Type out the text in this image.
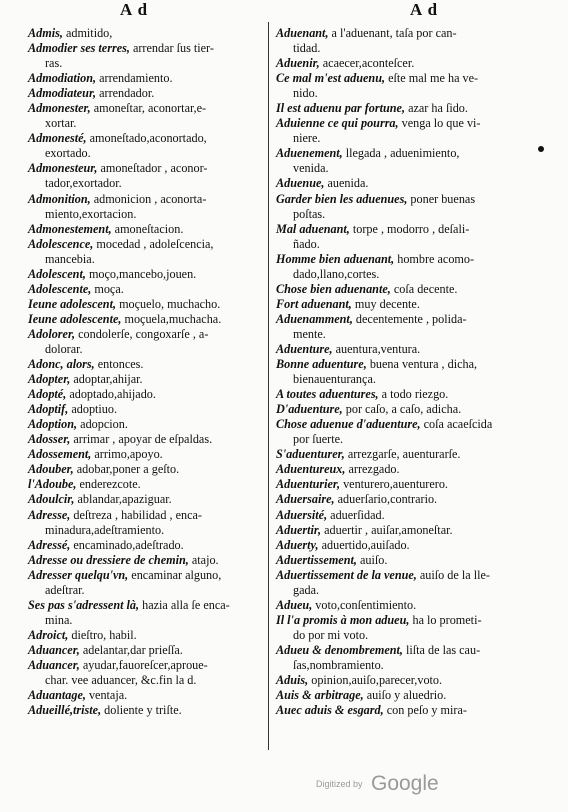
A d	A d
Admis, admitido,
Admodier ses terres, arrendar ſus tier-
ras.
Admodiation, arrendamiento.
Admodiateur, arrendador.
Admonester, amoneſtar, aconortar,e-
xortar.
Admonesté, amoneſtado,aconortado,
exortado.
Admonesteur, amoneſtador , aconor-
tador,exortador.
Admonition, admonicion , aconorta-
miento,exortacion.
Admonestement, amoneſtacion.
Adolescence, mocedad , adoleſcencia,
mancebia.
Adolescent, moço,mancebo,jouen.
Adolescente, moça.
Ieune adolescent, moçuelo, muchacho.
Ieune adolescente, moçuela,muchacha.
Adolorer, condolerſe, congoxarſe , a-
dolorar.
Adonc, alors, entonces.
Adopter, adoptar,ahijar.
Adopté, adoptado,ahijado.
Adoptif, adoptiuo.
Adoption, adopcion.
Adosser, arrimar , apoyar de eſpaldas.
Adossement, arrimo,apoyo.
Adouber, adobar,poner a geſto.
l'Adoube, enderezcote.
Adoulcir, ablandar,apaziguar.
Adresse, deſtreza , habilidad , enca-
minadura,adeſtramiento.
Adressé, encaminado,adeſtrado.
Adresse ou dressiere de chemin, atajo.
Adresser quelqu'vn, encaminar alguno,
adeſtrar.
Ses pas s'adressent là, hazia alla ſe enca-
mina.
Adroict, dieſtro, habil.
Aduancer, adelantar,dar prieſſa.
Aduancer, ayudar,fauoreſcer,aproue-
char. vee aduancer, &c.fin la d.
Aduantage, ventaja.
Adueillé,triste, doliente y triſte.
Aduenant, a l'aduenant, taſa por can-
tidad.
Aduenir, acaecer,aconteſcer.
Ce mal m'est aduenu, eſte mal me ha ve-
nido.
Il est aduenu par fortune, azar ha ſido.
Aduienne ce qui pourra, venga lo que vi-
niere.
Aduenement, llegada , aduenimiento,
venida.
Aduenue, auenida.
Garder bien les aduenues, poner buenas
poſtas.
Mal aduenant, torpe , modorro , deſali-
ñado.
Homme bien aduenant, hombre acomo-
dado,llano,cortes.
Chose bien aduenante, coſa decente.
Fort aduenant, muy decente.
Aduenamment, decentemente , polida-
mente.
Aduenture, auentura,ventura.
Bonne aduenture, buena ventura , dicha,
bienauenturança.
A toutes aduentures, a todo riezgo.
D'aduenture, por caſo, a caſo, adicha.
Chose aduenue d'aduenture, coſa acaeſcida
por ſuerte.
S'aduenturer, arrezgarſe, auenturarſe.
Aduentureux, arrezgado.
Aduenturier, venturero,auenturero.
Aduersaire, aduerſario,contrario.
Aduersité, aduerſidad.
Aduertir, aduertir , auiſar,amoneſtar.
Aduerty, aduertido,auiſado.
Aduertissement, auiſo.
Aduertissement de la venue, auiſo de la lle-
gada.
Adueu, voto,conſentimiento.
Il l'a promis à mon adueu, ha lo prometi-
do por mi voto.
Adueu & denombrement, liſta de las cau-
ſas,nombramiento.
Aduis, opinion,auiſo,parecer,voto.
Auis & arbitrage, auiſo y aluedrio.
Auec aduis & esgard, con peſo y mira-
Digitized by Google
